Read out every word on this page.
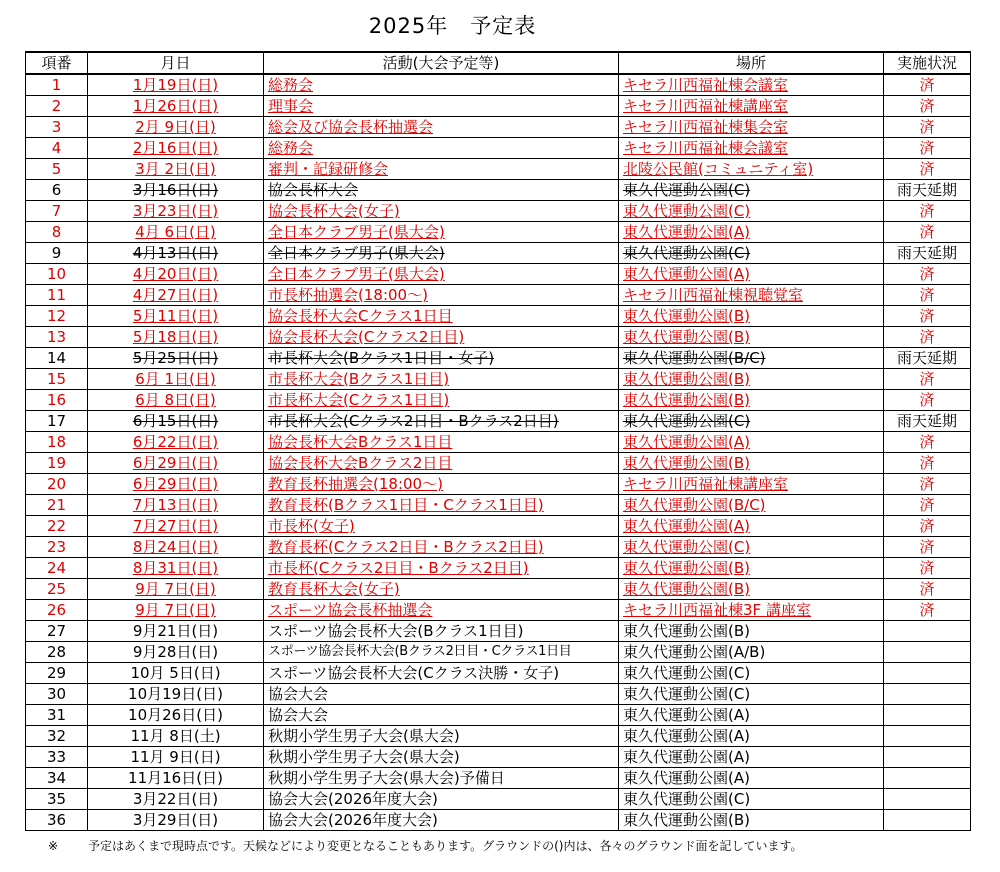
2025年　予定表
項番	月日	活動(大会予定等)	場所	実施状況
1	1月19日(日)	総務会	キセラ川西福祉棟会議室	済
2	1月26日(日)	理事会	キセラ川西福祉棟講座室	済
3	2月 9日(日)	総会及び協会長杯抽選会	キセラ川西福祉棟集会室	済
4	2月16日(日)	総務会	キセラ川西福祉棟会議室	済
5	3月 2日(日)	審判・記録研修会	北陵公民館(コミュニティ室)	済
6	3月16日(日)	協会長杯大会	東久代運動公園(C)	雨天延期
7	3月23日(日)	協会長杯大会(女子)	東久代運動公園(C)	済
8	4月 6日(日)	全日本クラブ男子(県大会)	東久代運動公園(A)	済
9	4月13日(日)	全日本クラブ男子(県大会)	東久代運動公園(C)	雨天延期
10	4月20日(日)	全日本クラブ男子(県大会)	東久代運動公園(A)	済
11	4月27日(日)	市長杯抽選会(18:00～)	キセラ川西福祉棟視聴覚室	済
12	5月11日(日)	協会長杯大会Cクラス1日目	東久代運動公園(B)	済
13	5月18日(日)	協会長杯大会(Cクラス2日目)	東久代運動公園(B)	済
14	5月25日(日)	市長杯大会(Bクラス1日目・女子)	東久代運動公園(B/C)	雨天延期
15	6月 1日(日)	市長杯大会(Bクラス1日目)	東久代運動公園(B)	済
16	6月 8日(日)	市長杯大会(Cクラス1日目)	東久代運動公園(B)	済
17	6月15日(日)	市長杯大会(Cクラス2日目・Bクラス2日目)	東久代運動公園(C)	雨天延期
18	6月22日(日)	協会長杯大会Bクラス1日目	東久代運動公園(A)	済
19	6月29日(日)	協会長杯大会Bクラス2日目	東久代運動公園(B)	済
20	6月29日(日)	教育長杯抽選会(18:00～)	キセラ川西福祉棟講座室	済
21	7月13日(日)	教育長杯(Bクラス1日目・Cクラス1日目)	東久代運動公園(B/C)	済
22	7月27日(日)	市長杯(女子)	東久代運動公園(A)	済
23	8月24日(日)	教育長杯(Cクラス2日目・Bクラス2日目)	東久代運動公園(C)	済
24	8月31日(日)	市長杯(Cクラス2日目・Bクラス2日目)	東久代運動公園(B)	済
25	9月 7日(日)	教育長杯大会(女子)	東久代運動公園(B)	済
26	9月 7日(日)	スポーツ協会長杯抽選会	キセラ川西福祉棟3F 講座室	済
27	9月21日(日)	スポーツ協会長杯大会(Bクラス1日目)	東久代運動公園(B)	
28	9月28日(日)	スポーツ協会長杯大会(Bクラス2日目・Cクラス1日目	東久代運動公園(A/B)	
29	10月 5日(日)	スポーツ協会長杯大会(Cクラス決勝・女子)	東久代運動公園(C)	
30	10月19日(日)	協会大会	東久代運動公園(C)	
31	10月26日(日)	協会大会	東久代運動公園(A)	
32	11月 8日(土)	秋期小学生男子大会(県大会)	東久代運動公園(A)	
33	11月 9日(日)	秋期小学生男子大会(県大会)	東久代運動公園(A)	
34	11月16日(日)	秋期小学生男子大会(県大会)予備日	東久代運動公園(A)	
35	3月22日(日)	協会大会(2026年度大会)	東久代運動公園(C)	
36	3月29日(日)	協会大会(2026年度大会)	東久代運動公園(B)	
※ 予定はあくまで現時点です。天候などにより変更となることもあります。グラウンドの()内は、各々のグラウンド面を記しています。
